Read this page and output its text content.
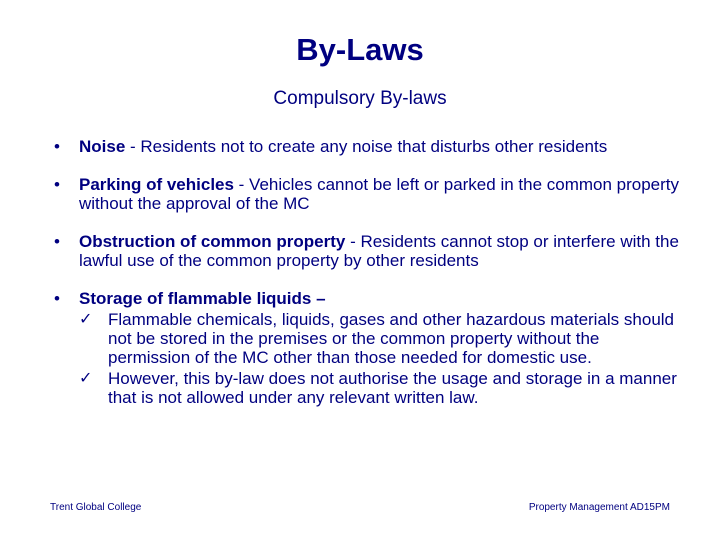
By-Laws
Compulsory By-laws
• Noise - Residents not to create any noise that disturbs other residents
• Parking of vehicles - Vehicles cannot be left or parked in the common property without the approval of the MC
• Obstruction of common property - Residents cannot stop or interfere with the lawful use of the common property by other residents
• Storage of flammable liquids –
✓ Flammable chemicals, liquids, gases and other hazardous materials should not be stored in the premises or the common property without the permission of the MC other than those needed for domestic use.
✓ However, this by-law does not authorise the usage and storage in a manner that is not allowed under any relevant written law.
Trent Global College	Property Management AD15PM
